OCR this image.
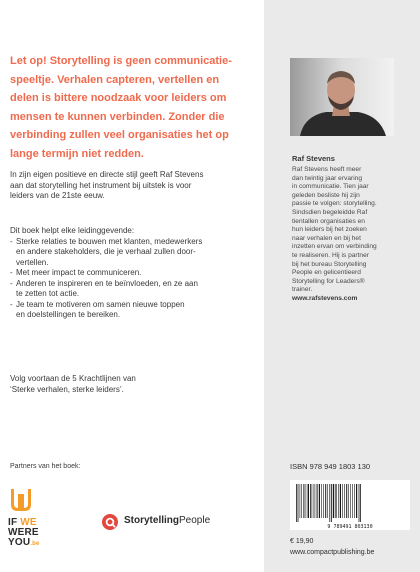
Let op! Storytelling is geen communicatie-
speeltje. Verhalen capteren, vertellen en
delen is bittere noodzaak voor leiders om
mensen te kunnen verbinden. Zonder die
verbinding zullen veel organisaties het op
lange termijn niet redden.
In zijn eigen positieve en directe stijl geeft Raf Stevens
aan dat storytelling het instrument bij uitstek is voor
leiders van de 21ste eeuw.
Dit boek helpt elke leidinggevende:
- Sterke relaties te bouwen met klanten, medewerkers
en andere stakeholders, die je verhaal zullen door-
vertellen.
- Met meer impact te communiceren.
- Anderen te inspireren en te beïnvloeden, en ze aan
te zetten tot actie.
- Je team te motiveren om samen nieuwe toppen
en doelstellingen te bereiken.
Volg voortaan de 5 Krachtlijnen van
‘Sterke verhalen, sterke leiders’.
Partners van het boek:
IF WE
WERE
YOU.be
StorytellingPeople
Raf Stevens
Raf Stevens heeft meer
dan twintig jaar ervaring
in communicatie. Tien jaar
geleden besliste hij zijn
passie te volgen: storytelling.
Sindsdien begeleidde Raf
tientallen organisaties en
hun leiders bij het zoeken
naar verhalen en bij het
inzetten ervan om verbinding
te realiseren. Hij is partner
bij het bureau Storytelling
People en gelicentieerd
Storytelling for Leaders®
trainer.
www.rafstevens.com
ISBN 978 949 1803 130
9 789491 803130
€ 19,90
www.compactpublishing.be
